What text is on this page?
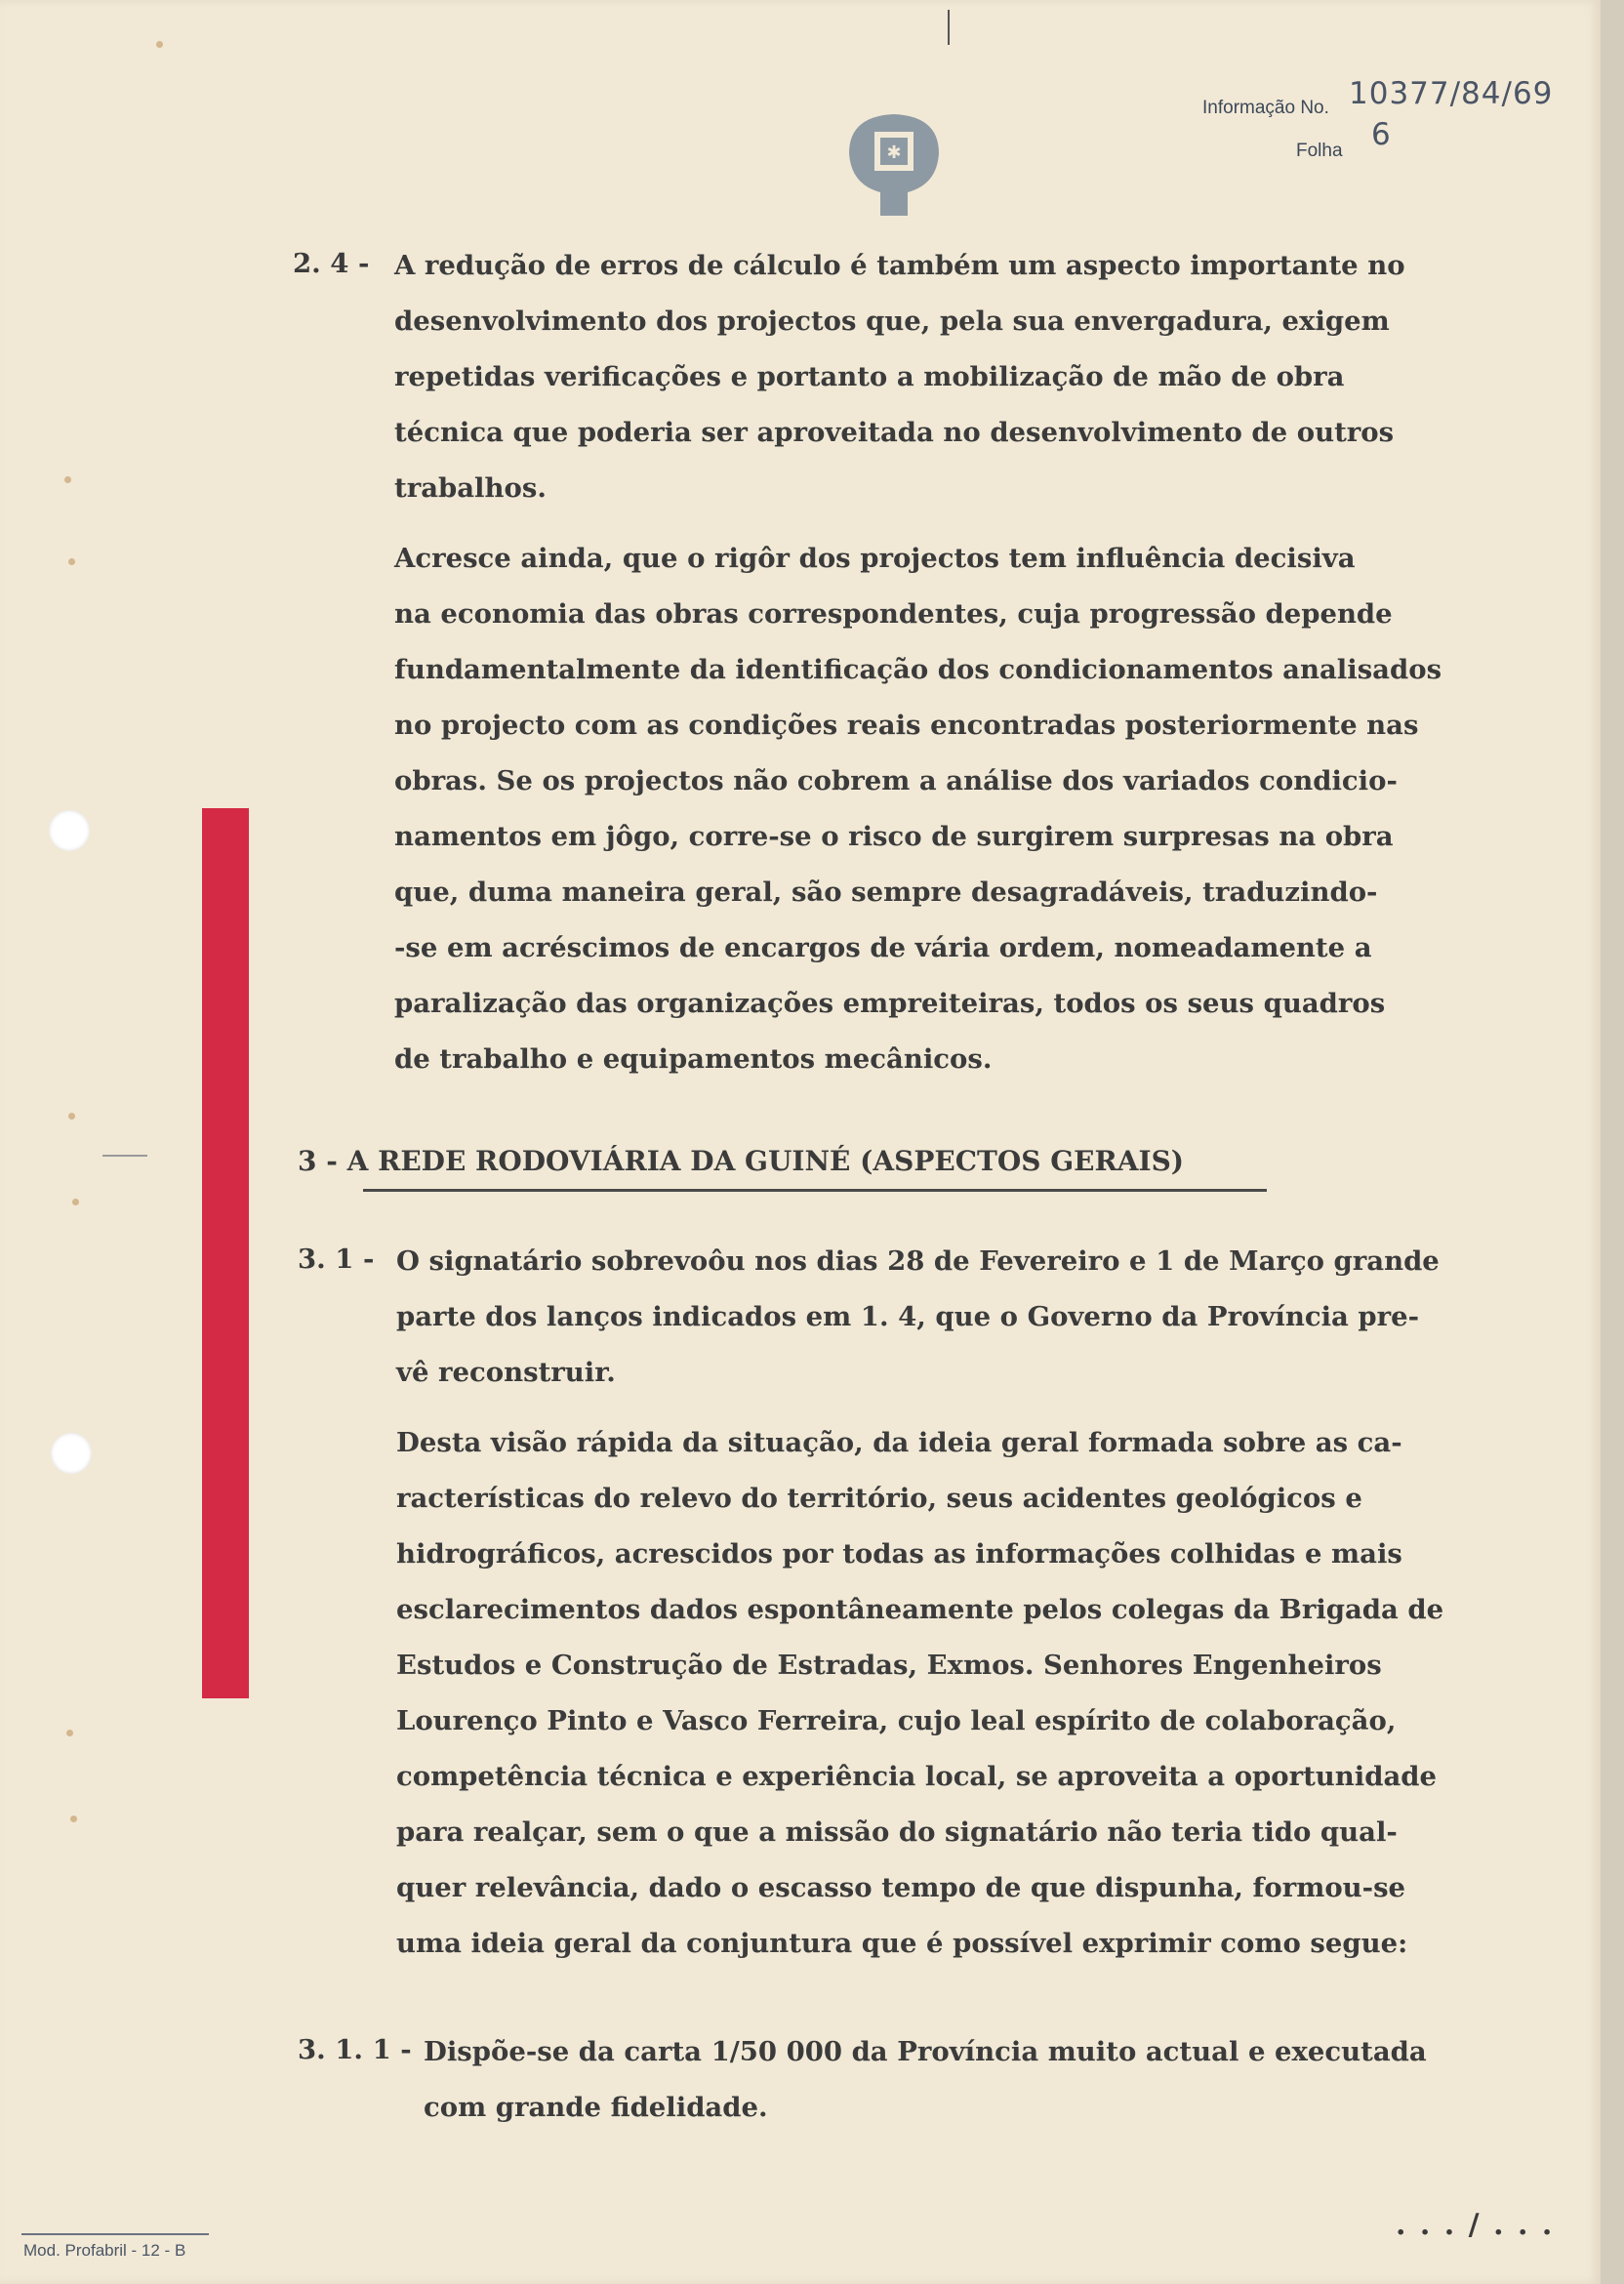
✱
Informação No. 10377/84/69
Folha 6
2. 4 - A redução de erros de cálculo é também um aspecto importante no
desenvolvimento dos projectos que, pela sua envergadura, exigem
repetidas verificações e portanto a mobilização de mão de obra
técnica que poderia ser aproveitada no desenvolvimento de outros
trabalhos.
Acresce ainda, que o rigôr dos projectos tem influência decisiva
na economia das obras correspondentes, cuja progressão depende
fundamentalmente da identificação dos condicionamentos analisados
no projecto com as condições reais encontradas posteriormente nas
obras. Se os projectos não cobrem a análise dos variados condicio-
namentos em jôgo, corre-se o risco de surgirem surpresas na obra
que, duma maneira geral, são sempre desagradáveis, traduzindo-
-se em acréscimos de encargos de vária ordem, nomeadamente a
paralização das organizações empreiteiras, todos os seus quadros
de trabalho e equipamentos mecânicos.
3 - A REDE RODOVIÁRIA DA GUINÉ (ASPECTOS GERAIS)
3. 1 - O signatário sobrevoôu nos dias 28 de Fevereiro e 1 de Março grande
parte dos lanços indicados em 1. 4, que o Governo da Província pre-
vê reconstruir.
Desta visão rápida da situação, da ideia geral formada sobre as ca-
racterísticas do relevo do território, seus acidentes geológicos e
hidrográficos, acrescidos por todas as informações colhidas e mais
esclarecimentos dados espontâneamente pelos colegas da Brigada de
Estudos e Construção de Estradas, Exmos. Senhores Engenheiros
Lourenço Pinto e Vasco Ferreira, cujo leal espírito de colaboração,
competência técnica e experiência local, se aproveita a oportunidade
para realçar, sem o que a missão do signatário não teria tido qual-
quer relevância, dado o escasso tempo de que dispunha, formou-se
uma ideia geral da conjuntura que é possível exprimir como segue:
3. 1. 1 - Dispõe-se da carta 1/50 000 da Província muito actual e executada
com grande fidelidade.
. . . / . . .
Mod. Profabril - 12 - B
